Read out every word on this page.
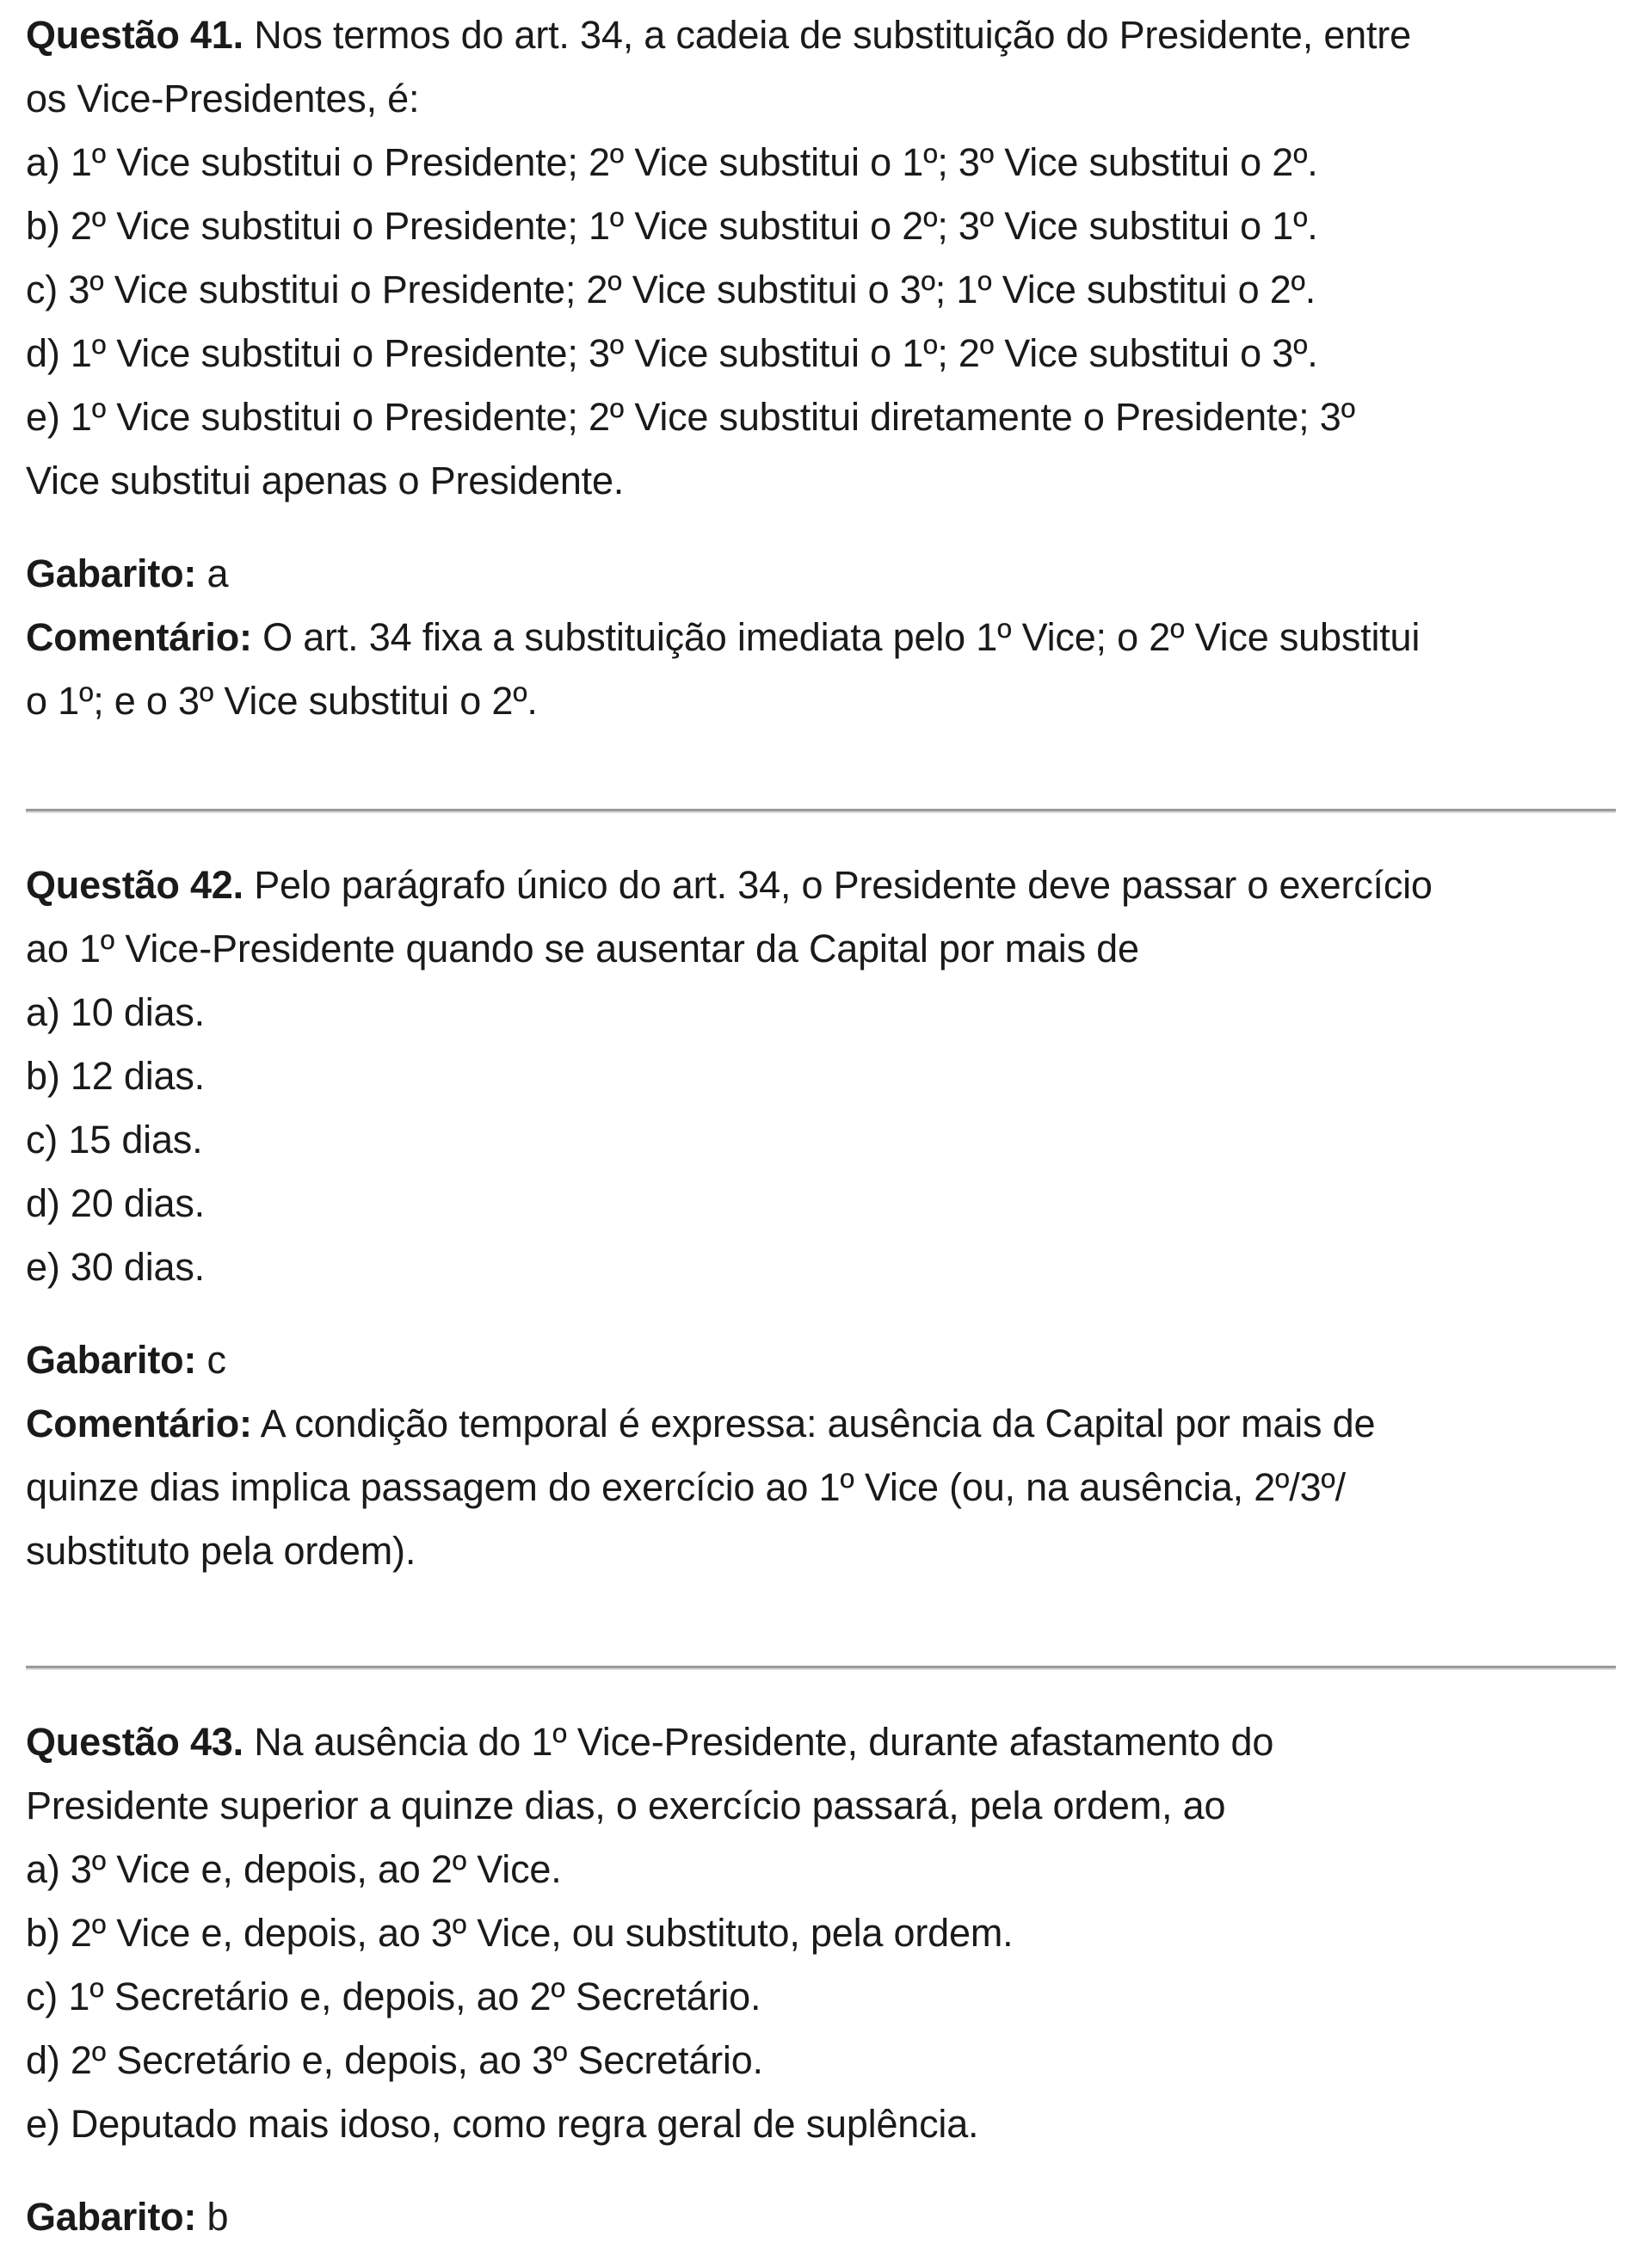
Questão 41. Nos termos do art. 34, a cadeia de substituição do Presidente, entre
os Vice-Presidentes, é:
a) 1º Vice substitui o Presidente; 2º Vice substitui o 1º; 3º Vice substitui o 2º.
b) 2º Vice substitui o Presidente; 1º Vice substitui o 2º; 3º Vice substitui o 1º.
c) 3º Vice substitui o Presidente; 2º Vice substitui o 3º; 1º Vice substitui o 2º.
d) 1º Vice substitui o Presidente; 3º Vice substitui o 1º; 2º Vice substitui o 3º.
e) 1º Vice substitui o Presidente; 2º Vice substitui diretamente o Presidente; 3º
Vice substitui apenas o Presidente.
Gabarito: a
Comentário: O art. 34 fixa a substituição imediata pelo 1º Vice; o 2º Vice substitui
o 1º; e o 3º Vice substitui o 2º.
Questão 42. Pelo parágrafo único do art. 34, o Presidente deve passar o exercício
ao 1º Vice-Presidente quando se ausentar da Capital por mais de
a) 10 dias.
b) 12 dias.
c) 15 dias.
d) 20 dias.
e) 30 dias.
Gabarito: c
Comentário: A condição temporal é expressa: ausência da Capital por mais de
quinze dias implica passagem do exercício ao 1º Vice (ou, na ausência, 2º/3º/
substituto pela ordem).
Questão 43. Na ausência do 1º Vice-Presidente, durante afastamento do
Presidente superior a quinze dias, o exercício passará, pela ordem, ao
a) 3º Vice e, depois, ao 2º Vice.
b) 2º Vice e, depois, ao 3º Vice, ou substituto, pela ordem.
c) 1º Secretário e, depois, ao 2º Secretário.
d) 2º Secretário e, depois, ao 3º Secretário.
e) Deputado mais idoso, como regra geral de suplência.
Gabarito: b
